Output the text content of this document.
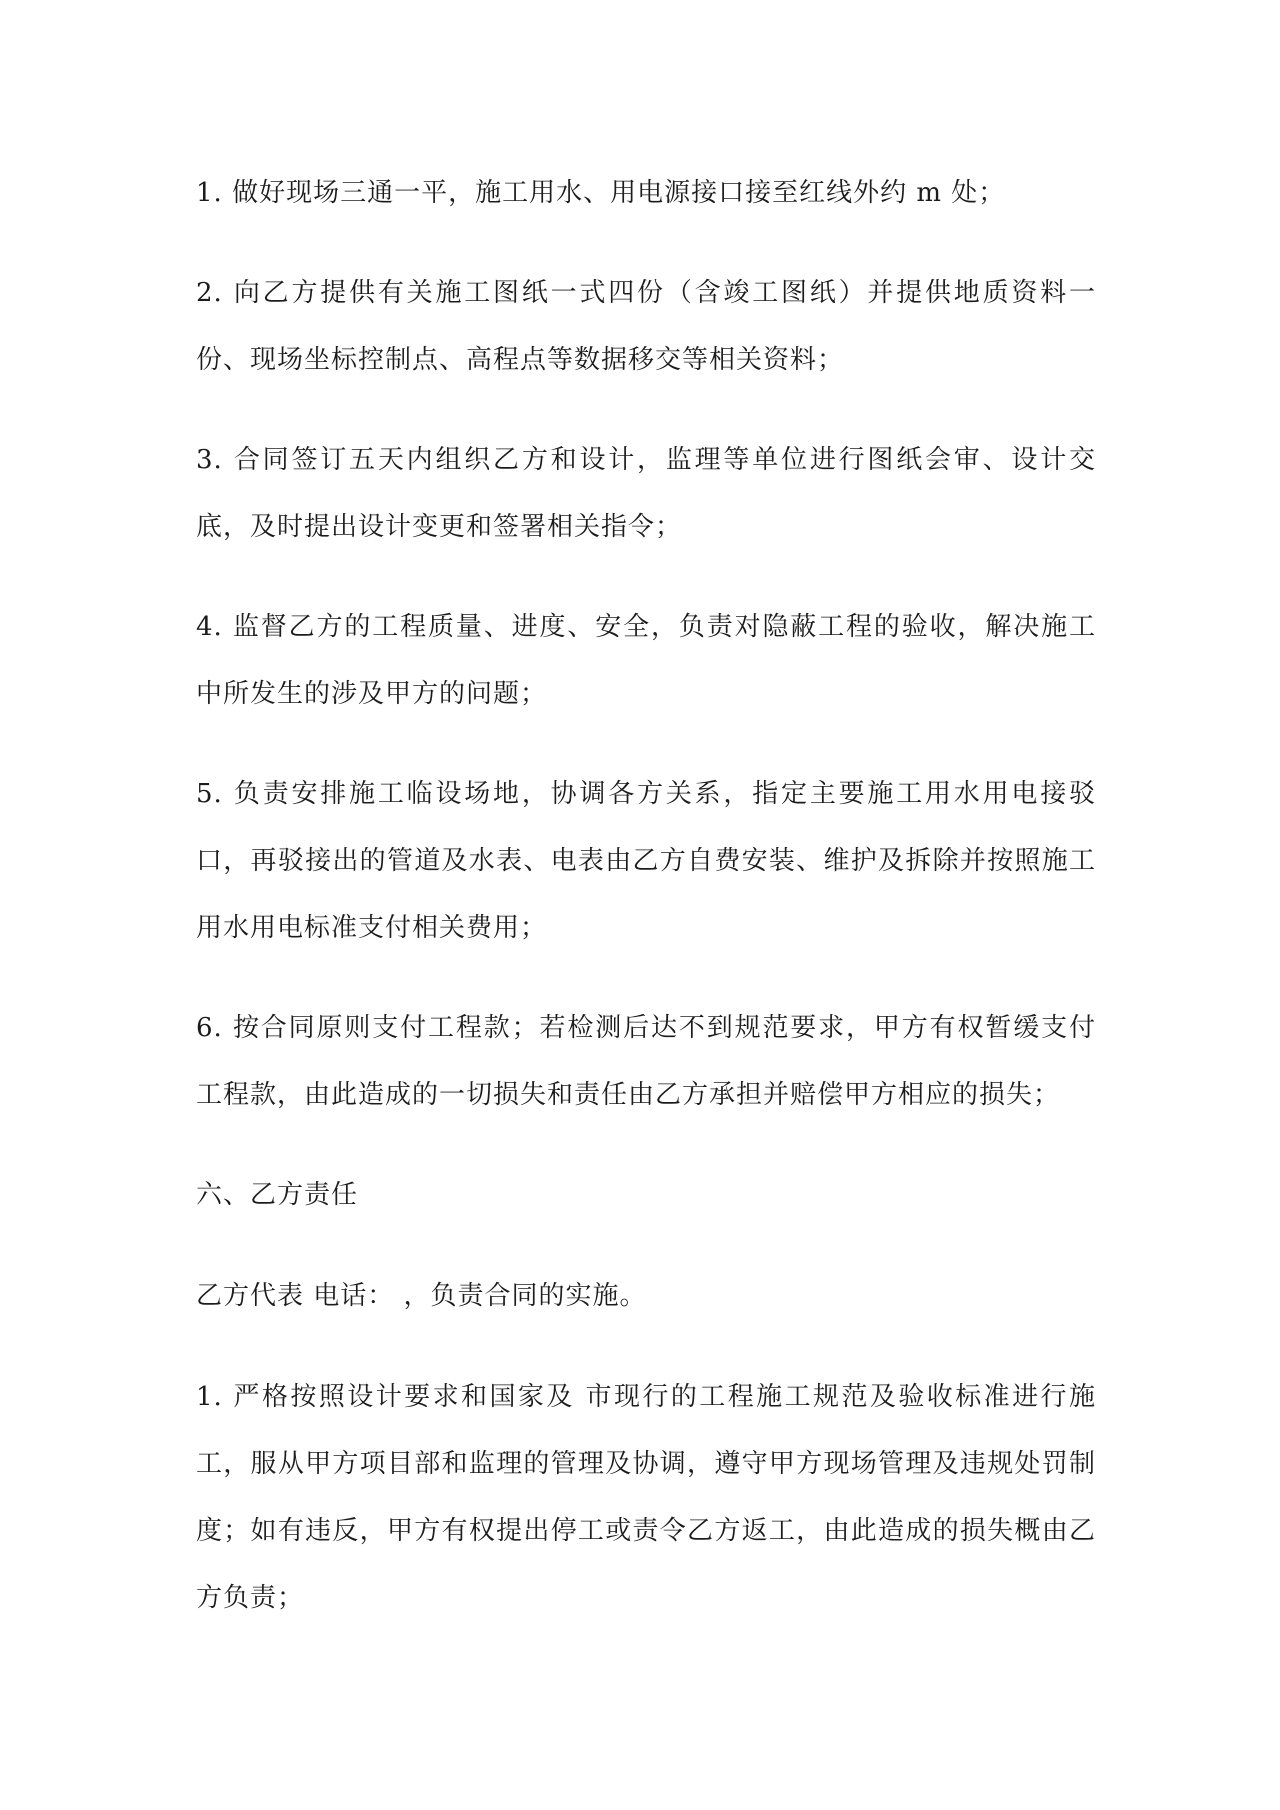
1. 做好现场三通一平，施工用水、用电源接口接至红线外约 m 处；

2. 向乙方提供有关施工图纸一式四份（含竣工图纸）并提供地质资料一份、现场坐标控制点、高程点等数据移交等相关资料；

3. 合同签订五天内组织乙方和设计，监理等单位进行图纸会审、设计交底，及时提出设计变更和签署相关指令；

4. 监督乙方的工程质量、进度、安全，负责对隐蔽工程的验收，解决施工中所发生的涉及甲方的问题；

5. 负责安排施工临设场地，协调各方关系，指定主要施工用水用电接驳口，再驳接出的管道及水表、电表由乙方自费安装、维护及拆除并按照施工用水用电标准支付相关费用；

6. 按合同原则支付工程款；若检测后达不到规范要求，甲方有权暂缓支付工程款，由此造成的一切损失和责任由乙方承担并赔偿甲方相应的损失；

六、乙方责任

乙方代表 电话： ，负责合同的实施。

1. 严格按照设计要求和国家及 市现行的工程施工规范及验收标准进行施工，服从甲方项目部和监理的管理及协调，遵守甲方现场管理及违规处罚制度；如有违反，甲方有权提出停工或责令乙方返工，由此造成的损失概由乙方负责；
